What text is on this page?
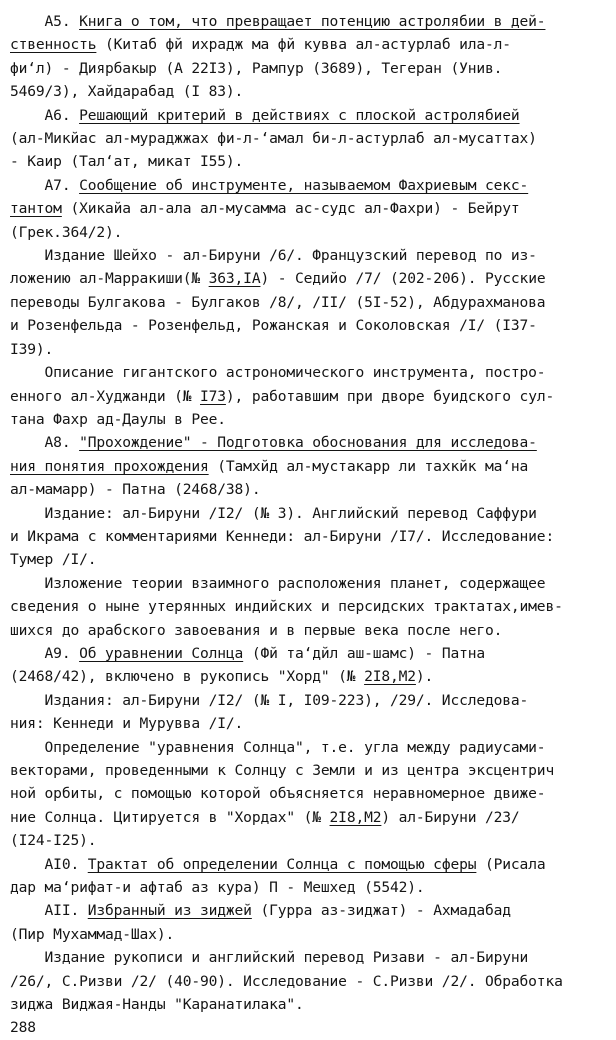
А5. Книга о том, что превращает потенцию астролябии в дей-
ственность (Китаб фй ихрадж ма фй кувва ал-астурлаб ила-л-
фи‘л) - Диярбакыр (А 22I3), Рампур (3689), Тегеран (Унив.
5469/3), Хайдарабад (I 83).
А6. Решающий критерий в действиях с плоской астролябией
(ал-Микйас ал-мураджжах фи-л-‘амал би-л-астурлаб ал-мусаттах)
- Каир (Тал‘ат, микат I55).
А7. Сообщение об инструменте, называемом Фахриевым секс-
тантом (Хикайа ал-ала ал-мусамма ас-судс ал-Фахри) - Бейрут
(Грек.364/2).
Издание Шейхо - ал-Бируни /6/. Французский перевод по из-
ложению ал-Марракиши(№ 363,IА) - Седийо /7/ (202-206). Русские
переводы Булгакова - Булгаков /8/, /II/ (5I-52), Абдурахманова
и Розенфельда - Розенфельд, Рожанская и Соколовская /I/ (I37-
I39).
Описание гигантского астрономического инструмента, постро-
енного ал-Худжанди (№ I73), работавшим при дворе буидского сул-
тана Фахр ад-Даулы в Рее.
А8. "Прохождение" - Подготовка обоснования для исследова-
ния понятия прохождения (Тамхйд ал-мустакарр ли тахкйк ма‘на
ал-мамарр) - Патна (2468/38).
Издание: ал-Бируни /I2/ (№ 3). Английский перевод Саффури
и Икрама с комментариями Кеннеди: ал-Бируни /I7/. Исследование:
Тумер /I/.
Изложение теории взаимного расположения планет, содержащее
сведения о ныне утерянных индийских и персидских трактатах,имев-
шихся до арабского завоевания и в первые века после него.
А9. Об уравнении Солнца (Фй та‘дйл аш-шамс) - Патна
(2468/42), включено в рукопись "Хорд" (№ 2I8,М2).
Издания: ал-Бируни /I2/ (№ I, I09-223), /29/. Исследова-
ния: Кеннеди и Мурувва /I/.
Определение "уравнения Солнца", т.е. угла между радиусами-
векторами, проведенными к Солнцу с Земли и из центра эксцентрич
ной орбиты, с помощью которой объясняется неравномерное движе-
ние Солнца. Цитируется в "Хордах" (№ 2I8,М2) ал-Бируни /23/
(I24-I25).
АI0. Трактат об определении Солнца с помощью сферы (Рисала
дар ма‘рифат-и афтаб аз кура) П - Мешхед (5542).
АII. Избранный из зиджей (Гурра аз-зиджат) - Ахмадабад
(Пир Мухаммад-Шах).
Издание рукописи и английский перевод Ризави - ал-Бируни
/26/, С.Ризви /2/ (40-90). Исследование - С.Ризви /2/. Обработка
зиджа Виджая-Нанды "Каранатилака".
288
